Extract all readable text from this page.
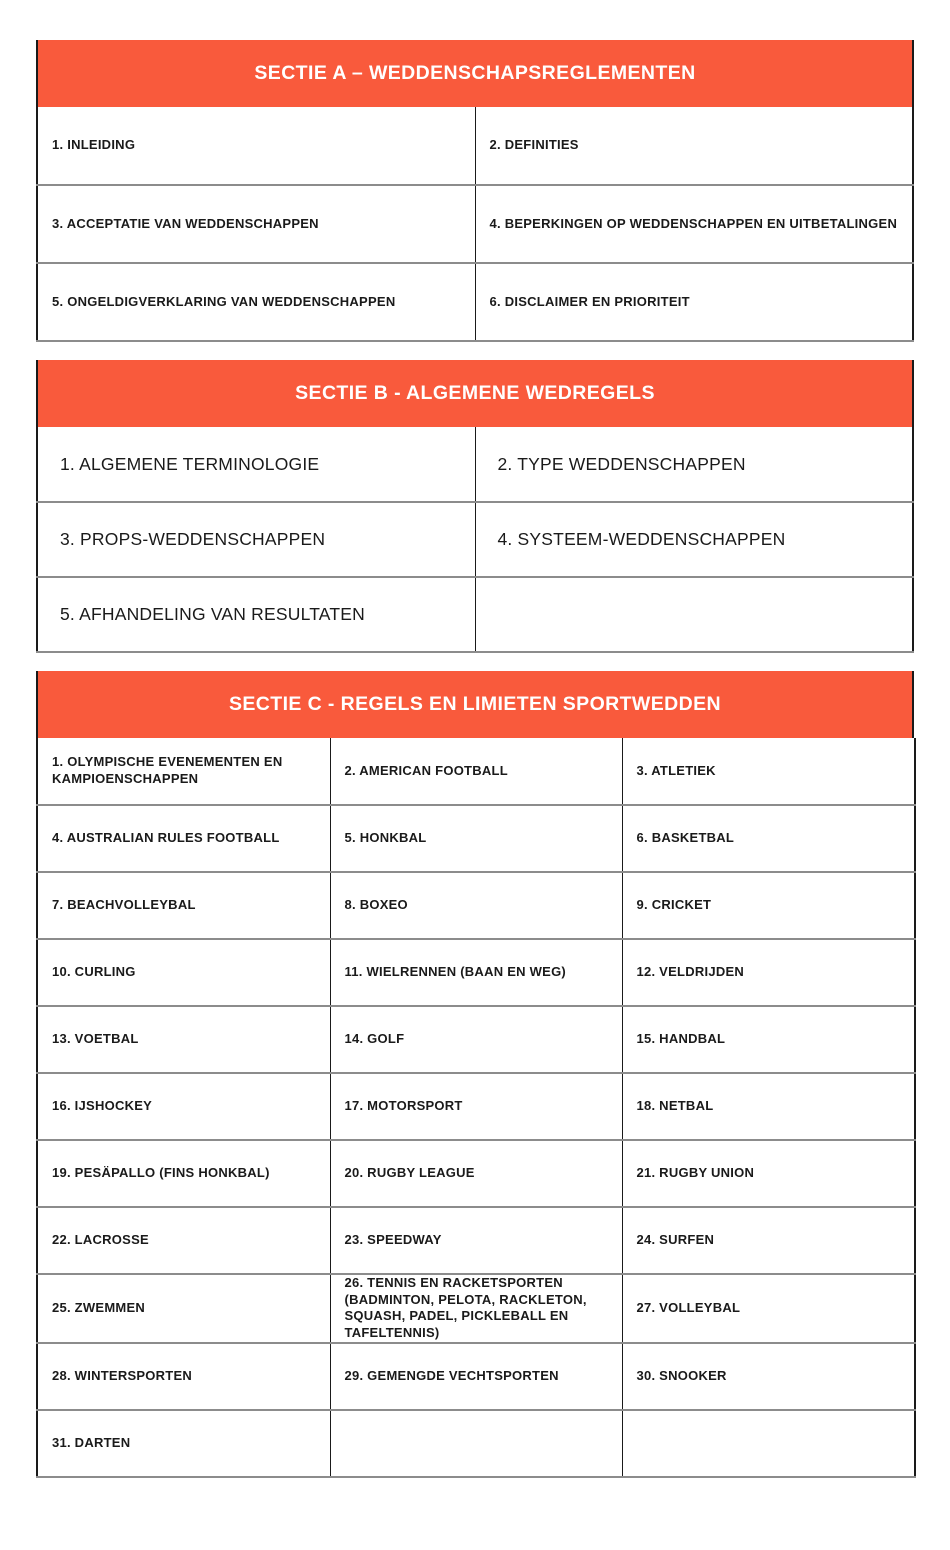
SECTIE A – WEDDENSCHAPSREGLEMENTEN
1. INLEIDING	2. DEFINITIES

3. ACCEPTATIE VAN WEDDENSCHAPPEN	4. BEPERKINGEN OP WEDDENSCHAPPEN EN UITBETALINGEN

5. ONGELDIGVERKLARING VAN WEDDENSCHAPPEN	6. DISCLAIMER EN PRIORITEIT
SECTIE B - ALGEMENE WEDREGELS
1. ALGEMENE TERMINOLOGIE	2. TYPE WEDDENSCHAPPEN

3. PROPS-WEDDENSCHAPPEN	4. SYSTEEM-WEDDENSCHAPPEN

5. AFHANDELING VAN RESULTATEN	

SECTIE C - REGELS EN LIMIETEN SPORTWEDDEN
1. OLYMPISCHE EVENEMENTEN EN KAMPIOENSCHAPPEN	2. AMERICAN FOOTBALL	3. ATLETIEK

4. AUSTRALIAN RULES FOOTBALL	5. HONKBAL	6. BASKETBAL

7. BEACHVOLLEYBAL	8. BOXEO	9. CRICKET

10. CURLING	11. WIELRENNEN (BAAN EN WEG)	12. VELDRIJDEN

13. VOETBAL	14. GOLF	15. HANDBAL

16. IJSHOCKEY	17. MOTORSPORT	18. NETBAL

19. PESÄPALLO (FINS HONKBAL)	20. RUGBY LEAGUE	21. RUGBY UNION

22. LACROSSE	23. SPEEDWAY	24. SURFEN

25. ZWEMMEN	26. TENNIS EN RACKETSPORTEN (BADMINTON, PELOTA, RACKLETON, SQUASH, PADEL, PICKLEBALL EN TAFELTENNIS)	27. VOLLEYBAL

28. WINTERSPORTEN	29. GEMENGDE VECHTSPORTEN	30. SNOOKER

31. DARTEN		
